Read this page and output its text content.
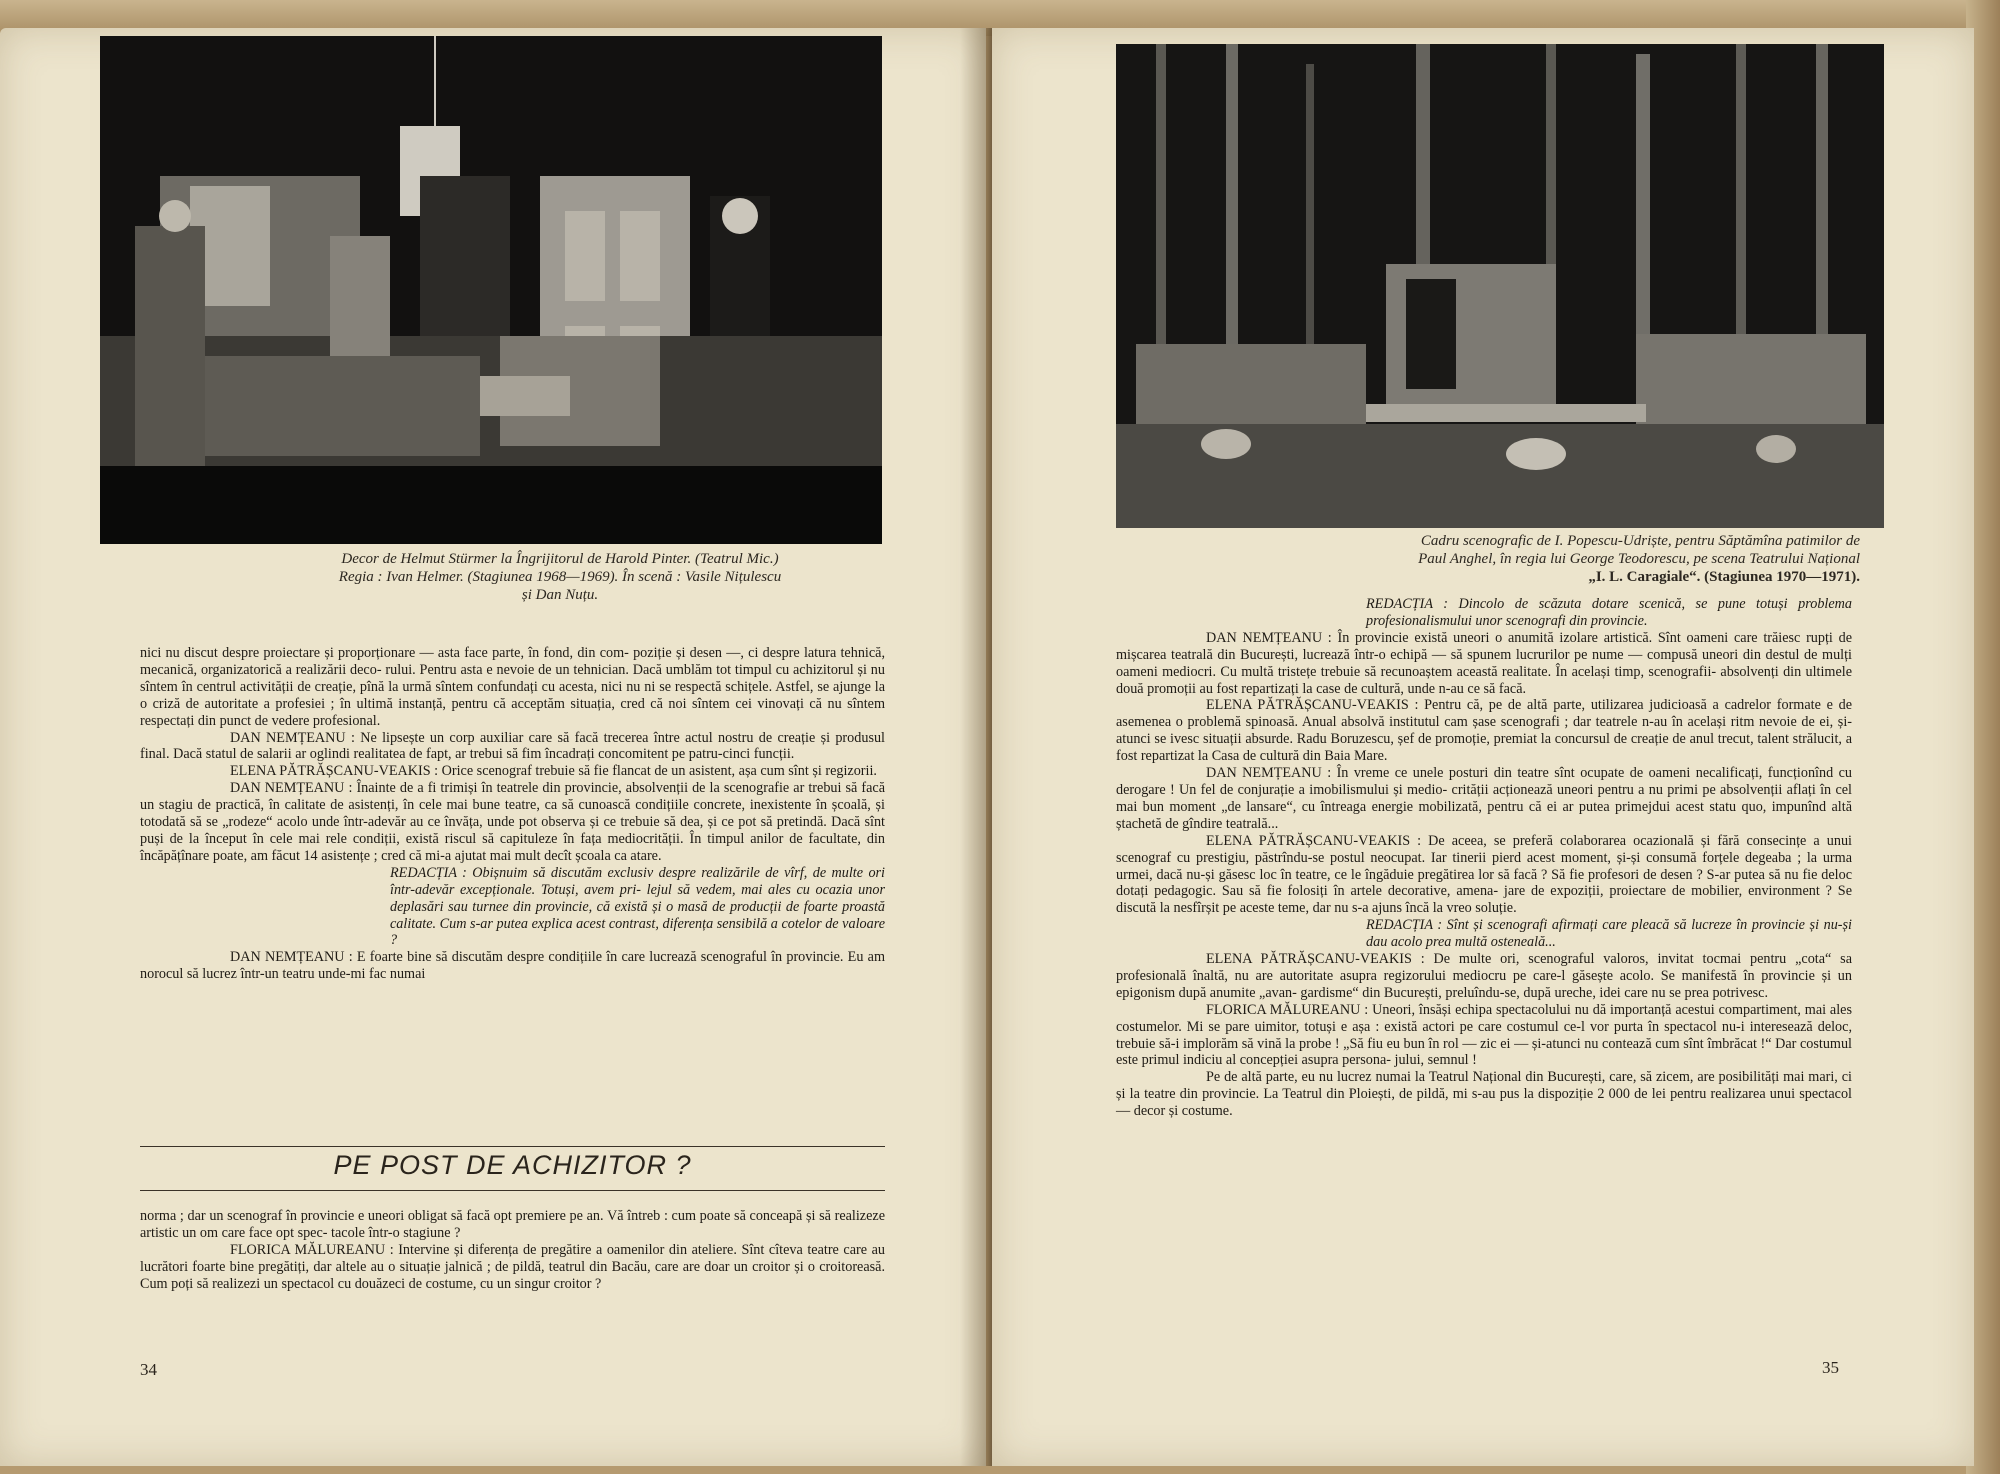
Decor de Helmut Stürmer la Îngrijitorul de Harold Pinter. (Teatrul Mic.)
Regia : Ivan Helmer. (Stagiunea 1968—1969). În scenă : Vasile Nițulescu
și Dan Nuțu.

nici nu discut despre proiectare și proporționare — asta face parte, în fond, din com- poziție și desen —, ci despre latura tehnică, mecanică, organizatorică a realizării deco- rului. Pentru asta e nevoie de un tehnician. Dacă umblăm tot timpul cu achizitorul și nu sîntem în centrul activității de creație, pînă la urmă sîntem confundați cu acesta, nici nu ni se respectă schițele. Astfel, se ajunge la o criză de autoritate a profesiei ; în ultimă instanță, pentru că acceptăm situația, cred că noi sîntem cei vinovați că nu sîntem respectați din punct de vedere profesional.

DAN NEMȚEANU : Ne lipsește un corp auxiliar care să facă trecerea între actul nostru de creație și produsul final. Dacă statul de salarii ar oglindi realitatea de fapt, ar trebui să fim încadrați concomitent pe patru-cinci funcții.

ELENA PĂTRĂȘCANU-VEAKIS : Orice scenograf trebuie să fie flancat de un asistent, așa cum sînt și regizorii.

DAN NEMȚEANU : Înainte de a fi trimiși în teatrele din provincie, absolvenții de la scenografie ar trebui să facă un stagiu de practică, în calitate de asistenți, în cele mai bune teatre, ca să cunoască condițiile concrete, inexistente în școală, și totodată să se „rodeze“ acolo unde într-adevăr au ce învăța, unde pot observa și ce trebuie să dea, și ce pot să pretindă. Dacă sînt puși de la început în cele mai rele condiții, există riscul să capituleze în fața mediocrității. În timpul anilor de facultate, din încăpățînare poate, am făcut 14 asistențe ; cred că mi-a ajutat mai mult decît școala ca atare.

REDACȚIA : Obișnuim să discutăm exclusiv despre realizările de vîrf, de multe ori într-adevăr excepționale. Totuși, avem pri- lejul să vedem, mai ales cu ocazia unor deplasări sau turnee din provincie, că există și o masă de producții de foarte proastă calitate. Cum s-ar putea explica acest contrast, diferența sensibilă a cotelor de valoare ?

DAN NEMȚEANU : E foarte bine să discutăm despre condițiile în care lucrează scenograful în provincie. Eu am norocul să lucrez într-un teatru unde-mi fac numai

PE POST DE ACHIZITOR ?

norma ; dar un scenograf în provincie e uneori obligat să facă opt premiere pe an. Vă întreb : cum poate să conceapă și să realizeze artistic un om care face opt spec- tacole într-o stagiune ?

FLORICA MĂLUREANU : Intervine și diferența de pregătire a oamenilor din ateliere. Sînt cîteva teatre care au lucrători foarte bine pregătiți, dar altele au o situație jalnică ; de pildă, teatrul din Bacău, care are doar un croitor și o croitoreasă. Cum poți să realizezi un spectacol cu douăzeci de costume, cu un singur croitor ?

34
Cadru scenografic de I. Popescu-Udriște, pentru Săptămîna patimilor de
Paul Anghel, în regia lui George Teodorescu, pe scena Teatrului Național
„I. L. Caragiale“. (Stagiunea 1970—1971).

REDACȚIA : Dincolo de scăzuta dotare scenică, se pune totuși problema profesionalismului unor scenografi din provincie.

DAN NEMȚEANU : În provincie există uneori o anumită izolare artistică. Sînt oameni care trăiesc rupți de mișcarea teatrală din București, lucrează într-o echipă — să spunem lucrurilor pe nume — compusă uneori din destul de mulți oameni mediocri. Cu multă tristețe trebuie să recunoaștem această realitate. În același timp, scenografii- absolvenți din ultimele două promoții au fost repartizați la case de cultură, unde n-au ce să facă.

ELENA PĂTRĂȘCANU-VEAKIS : Pentru că, pe de altă parte, utilizarea judicioasă a cadrelor formate e de asemenea o problemă spinoasă. Anual absolvă institutul cam șase scenografi ; dar teatrele n-au în același ritm nevoie de ei, și-atunci se ivesc situații absurde. Radu Boruzescu, șef de promoție, premiat la concursul de creație de anul trecut, talent strălucit, a fost repartizat la Casa de cultură din Baia Mare.

DAN NEMȚEANU : În vreme ce unele posturi din teatre sînt ocupate de oameni necalificați, funcționînd cu derogare ! Un fel de conjurație a imobilismului și medio- crității acționează uneori pentru a nu primi pe absolvenții aflați în cel mai bun moment „de lansare“, cu întreaga energie mobilizată, pentru că ei ar putea primejdui acest statu quo, impunînd altă ștachetă de gîndire teatrală...

ELENA PĂTRĂȘCANU-VEAKIS : De aceea, se preferă colaborarea ocazională și fără consecințe a unui scenograf cu prestigiu, păstrîndu-se postul neocupat. Iar tinerii pierd acest moment, și-și consumă forțele degeaba ; la urma urmei, dacă nu-și găsesc loc în teatre, ce le îngăduie pregătirea lor să facă ? Să fie profesori de desen ? S-ar putea să nu fie deloc dotați pedagogic. Sau să fie folosiți în artele decorative, amena- jare de expoziții, proiectare de mobilier, environment ? Se discută la nesfîrșit pe aceste teme, dar nu s-a ajuns încă la vreo soluție.

REDACȚIA : Sînt și scenografi afirmați care pleacă să lucreze în provincie și nu-și dau acolo prea multă osteneală...

ELENA PĂTRĂȘCANU-VEAKIS : De multe ori, scenograful valoros, invitat tocmai pentru „cota“ sa profesională înaltă, nu are autoritate asupra regizorului mediocru pe care-l găsește acolo. Se manifestă în provincie și un epigonism după anumite „avan- gardisme“ din București, preluîndu-se, după ureche, idei care nu se prea potrivesc.

FLORICA MĂLUREANU : Uneori, însăși echipa spectacolului nu dă importanță acestui compartiment, mai ales costumelor. Mi se pare uimitor, totuși e așa : există actori pe care costumul ce-l vor purta în spectacol nu-i interesează deloc, trebuie să-i implorăm să vină la probe ! „Să fiu eu bun în rol — zic ei — și-atunci nu contează cum sînt îmbrăcat !“ Dar costumul este primul indiciu al concepției asupra persona- jului, semnul !

Pe de altă parte, eu nu lucrez numai la Teatrul Național din București, care, să zicem, are posibilități mai mari, ci și la teatre din provincie. La Teatrul din Ploiești, de pildă, mi s-au pus la dispoziție 2 000 de lei pentru realizarea unui spectacol — decor și costume.

35
